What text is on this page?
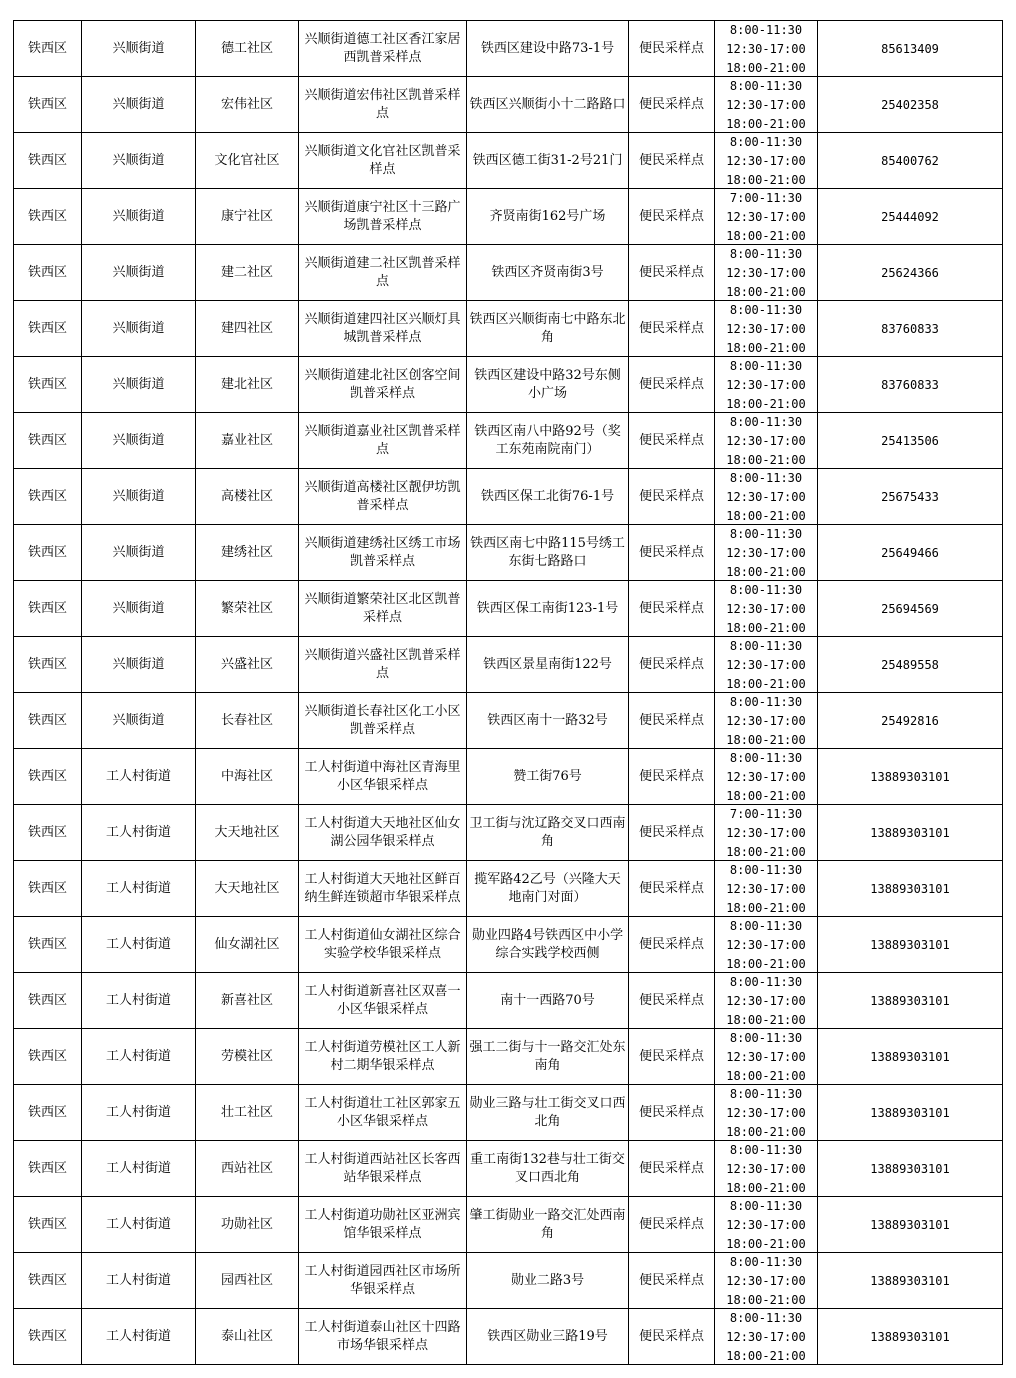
铁西区	兴顺街道	德工社区	兴顺街道德工社区香江家居西凯普采样点	铁西区建设中路73-1号	便民采样点	8:00-11:30
12:30-17:00
18:00-21:00	85613409

铁西区	兴顺街道	宏伟社区	兴顺街道宏伟社区凯普采样点	铁西区兴顺街小十二路路口	便民采样点	8:00-11:30
12:30-17:00
18:00-21:00	25402358

铁西区	兴顺街道	文化官社区	兴顺街道文化官社区凯普采样点	铁西区德工街31-2号21门	便民采样点	8:00-11:30
12:30-17:00
18:00-21:00	85400762

铁西区	兴顺街道	康宁社区	兴顺街道康宁社区十三路广场凯普采样点	齐贤南街162号广场	便民采样点	7:00-11:30
12:30-17:00
18:00-21:00	25444092

铁西区	兴顺街道	建二社区	兴顺街道建二社区凯普采样点	铁西区齐贤南街3号	便民采样点	8:00-11:30
12:30-17:00
18:00-21:00	25624366

铁西区	兴顺街道	建四社区	兴顺街道建四社区兴顺灯具城凯普采样点	铁西区兴顺街南七中路东北角	便民采样点	8:00-11:30
12:30-17:00
18:00-21:00	83760833

铁西区	兴顺街道	建北社区	兴顺街道建北社区创客空间凯普采样点	铁西区建设中路32号东侧小广场	便民采样点	8:00-11:30
12:30-17:00
18:00-21:00	83760833

铁西区	兴顺街道	嘉业社区	兴顺街道嘉业社区凯普采样点	铁西区南八中路92号（奖工东苑南院南门）	便民采样点	8:00-11:30
12:30-17:00
18:00-21:00	25413506

铁西区	兴顺街道	高楼社区	兴顺街道高楼社区靓伊坊凯普采样点	铁西区保工北街76-1号	便民采样点	8:00-11:30
12:30-17:00
18:00-21:00	25675433

铁西区	兴顺街道	建绣社区	兴顺街道建绣社区绣工市场凯普采样点	铁西区南七中路115号绣工东街七路路口	便民采样点	8:00-11:30
12:30-17:00
18:00-21:00	25649466

铁西区	兴顺街道	繁荣社区	兴顺街道繁荣社区北区凯普采样点	铁西区保工南街123-1号	便民采样点	8:00-11:30
12:30-17:00
18:00-21:00	25694569

铁西区	兴顺街道	兴盛社区	兴顺街道兴盛社区凯普采样点	铁西区景星南街122号	便民采样点	8:00-11:30
12:30-17:00
18:00-21:00	25489558

铁西区	兴顺街道	长春社区	兴顺街道长春社区化工小区凯普采样点	铁西区南十一路32号	便民采样点	8:00-11:30
12:30-17:00
18:00-21:00	25492816

铁西区	工人村街道	中海社区	工人村街道中海社区青海里小区华银采样点	赞工街76号	便民采样点	8:00-11:30
12:30-17:00
18:00-21:00	13889303101

铁西区	工人村街道	大天地社区	工人村街道大天地社区仙女湖公园华银采样点	卫工街与沈辽路交叉口西南角	便民采样点	7:00-11:30
12:30-17:00
18:00-21:00	13889303101

铁西区	工人村街道	大天地社区	工人村街道大天地社区鲜百纳生鲜连锁超市华银采样点	揽军路42乙号（兴隆大天地南门对面）	便民采样点	8:00-11:30
12:30-17:00
18:00-21:00	13889303101

铁西区	工人村街道	仙女湖社区	工人村街道仙女湖社区综合实验学校华银采样点	勋业四路4号铁西区中小学综合实践学校西侧	便民采样点	8:00-11:30
12:30-17:00
18:00-21:00	13889303101

铁西区	工人村街道	新喜社区	工人村街道新喜社区双喜一小区华银采样点	南十一西路70号	便民采样点	8:00-11:30
12:30-17:00
18:00-21:00	13889303101

铁西区	工人村街道	劳模社区	工人村街道劳模社区工人新村二期华银采样点	强工二街与十一路交汇处东南角	便民采样点	8:00-11:30
12:30-17:00
18:00-21:00	13889303101

铁西区	工人村街道	壮工社区	工人村街道壮工社区郭家五小区华银采样点	勋业三路与壮工街交叉口西北角	便民采样点	8:00-11:30
12:30-17:00
18:00-21:00	13889303101

铁西区	工人村街道	西站社区	工人村街道西站社区长客西站华银采样点	重工南街132巷与壮工街交叉口西北角	便民采样点	8:00-11:30
12:30-17:00
18:00-21:00	13889303101

铁西区	工人村街道	功勋社区	工人村街道功勋社区亚洲宾馆华银采样点	肇工街勋业一路交汇处西南角	便民采样点	8:00-11:30
12:30-17:00
18:00-21:00	13889303101

铁西区	工人村街道	园西社区	工人村街道园西社区市场所华银采样点	勋业二路3号	便民采样点	8:00-11:30
12:30-17:00
18:00-21:00	13889303101

铁西区	工人村街道	泰山社区	工人村街道泰山社区十四路市场华银采样点	铁西区勋业三路19号	便民采样点	8:00-11:30
12:30-17:00
18:00-21:00	13889303101
